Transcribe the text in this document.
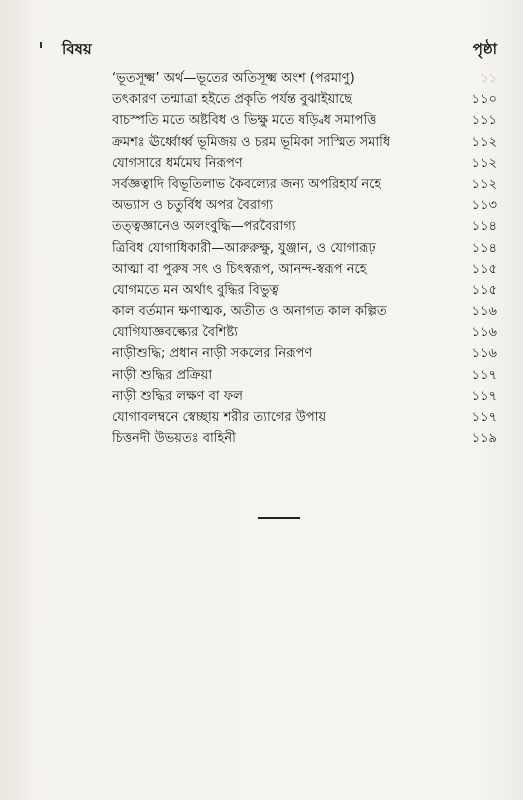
বিষয়	পৃষ্ঠা
‘ভূতসূক্ষ্ম’ অর্থ—ভূতের অতিসূক্ষ্ম অংশ (পরমাণু)	১১
তৎকারণ তন্মাত্রা হইতে প্রকৃতি পর্যন্ত বুঝাইয়াছে	১১০
বাচস্পতি মতে অষ্টবিধ ও ভিক্ষু মতে ষড়্বিধ সমাপত্তি	১১১
ক্রমশঃ ঊর্ধ্বোর্ধ্ব ভূমিজয় ও চরম ভূমিকা সাস্মিত সমাধি	১১২
যোগসারে ধর্মমেঘ নিরূপণ	১১২
সর্বজ্ঞত্বাদি বিভূতিলাভ কৈবল্যের জন্য অপরিহার্য নহে	১১২
অভ্যাস ও চতুর্বিধ অপর বৈরাগ্য	১১৩
তত্ত্বজ্ঞানেও অলংবুদ্ধি—পরবৈরাগ্য	১১৪
ত্রিবিধ যোগাধিকারী—আরুরুক্ষু, যুঞ্জান, ও যোগারূঢ়	১১৪
আত্মা বা পুরুষ সৎ ও চিৎস্বরূপ, আনন্দ-স্বরূপ নহে	১১৫
যোগমতে মন অর্থাৎ বুদ্ধির বিভুত্ব	১১৫
কাল বর্তমান ক্ষণাত্মক, অতীত ও অনাগত কাল কল্পিত	১১৬
যোগিযাজ্ঞবল্ক্যের বৈশিষ্ট্য	১১৬
নাড়ীশুদ্ধি; প্রধান নাড়ী সকলের নিরূপণ	১১৬
নাড়ী শুদ্ধির প্রক্রিয়া	১১৭
নাড়ী শুদ্ধির লক্ষণ বা ফল	১১৭
যোগাবলম্বনে স্বেচ্ছায় শরীর ত্যাগের উপায়	১১৭
চিত্তনদী উভয়তঃ বাহিনী	১১৯
